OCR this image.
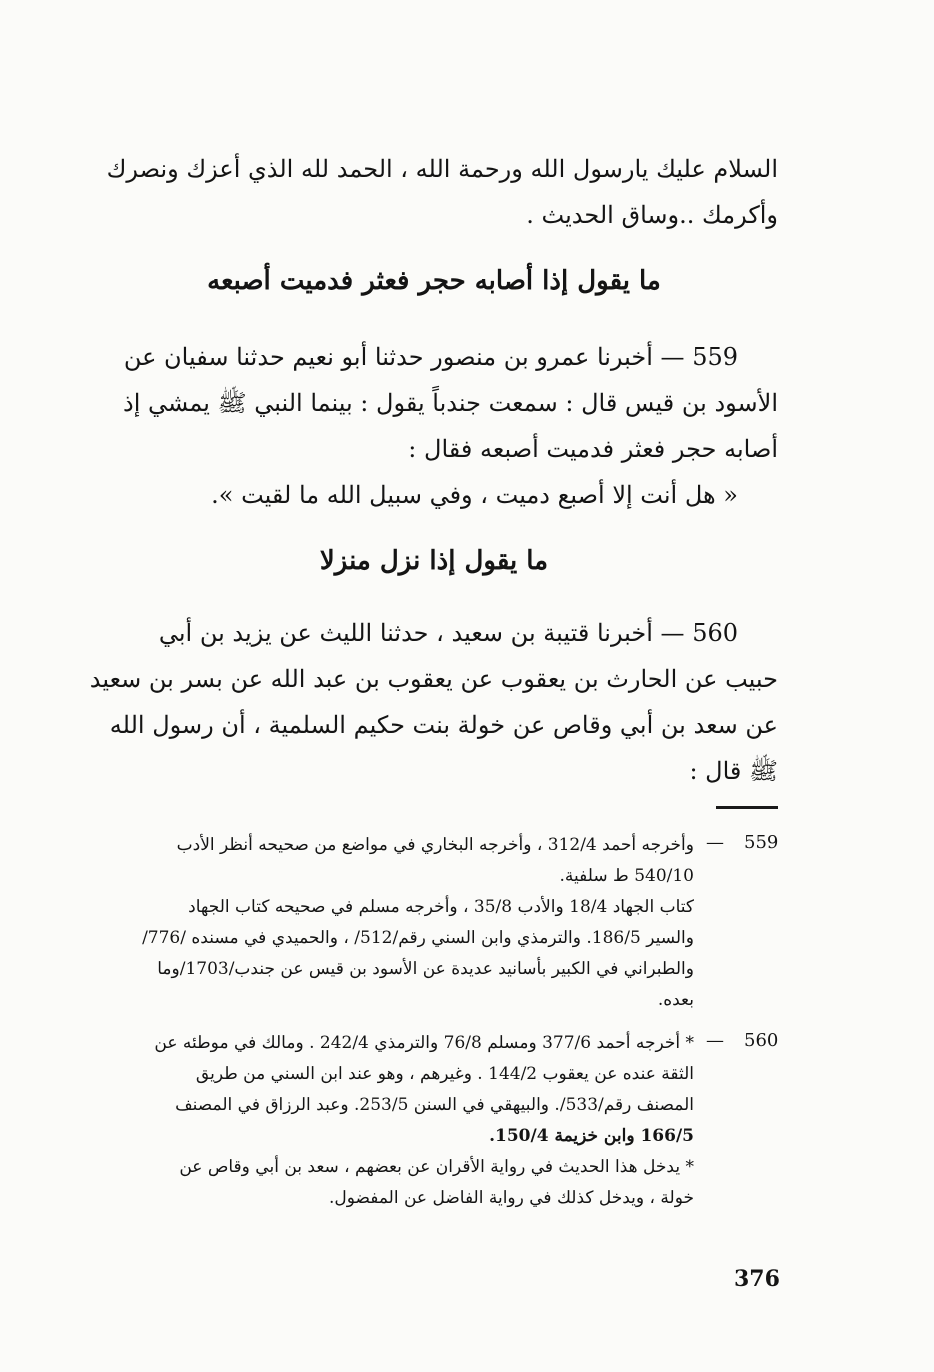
السلام عليك يارسول الله ورحمة الله ، الحمد لله الذي أعزك ونصرك
وأكرمك ..وساق الحديث .
ما يقول إذا أصابه حجر فعثر فدميت أصبعه
559 — أخبرنا عمرو بن منصور حدثنا أبو نعيم حدثنا سفيان عن
الأسود بن قيس قال : سمعت جندباً يقول : بينما النبي ﷺ يمشي إذ
أصابه حجر فعثر فدميت أصبعه فقال :
« هل أنت إلا أصبع دميت ، وفي سبيل الله ما لقيت ».
ما يقول إذا نزل منزلا
560 — أخبرنا قتيبة بن سعيد ، حدثنا الليث عن يزيد بن أبي
حبيب عن الحارث بن يعقوب عن يعقوب بن عبد الله عن بسر بن سعيد
عن سعد بن أبي وقاص عن خولة بنت حكيم السلمية ، أن رسول الله
ﷺ قال :
559
—
وأخرجه أحمد 312/4 ، وأخرجه البخاري في مواضع من صحيحه أنظر الأدب
540/10 ط سلفية.
كتاب الجهاد 18/4 والأدب 35/8 ، وأخرجه مسلم في صحيحه كتاب الجهاد
والسير 186/5. والترمذي وابن السني رقم/512/ ، والحميدي في مسنده /776/
والطبراني في الكبير بأسانيد عديدة عن الأسود بن قيس عن جندب/1703/وما
بعده.
560
—
* أخرجه أحمد 377/6 ومسلم 76/8 والترمذي 242/4 . ومالك في موطئه عن
الثقة عنده عن يعقوب 144/2 . وغيرهم ، وهو عند ابن السني من طريق
المصنف رقم/533/. والبيهقي في السنن 253/5. وعبد الرزاق في المصنف
166/5 وابن خزيمة 150/4.
* يدخل هذا الحديث في رواية الأقران عن بعضهم ، سعد بن أبي وقاص عن
خولة ، ويدخل كذلك في رواية الفاضل عن المفضول.
376
